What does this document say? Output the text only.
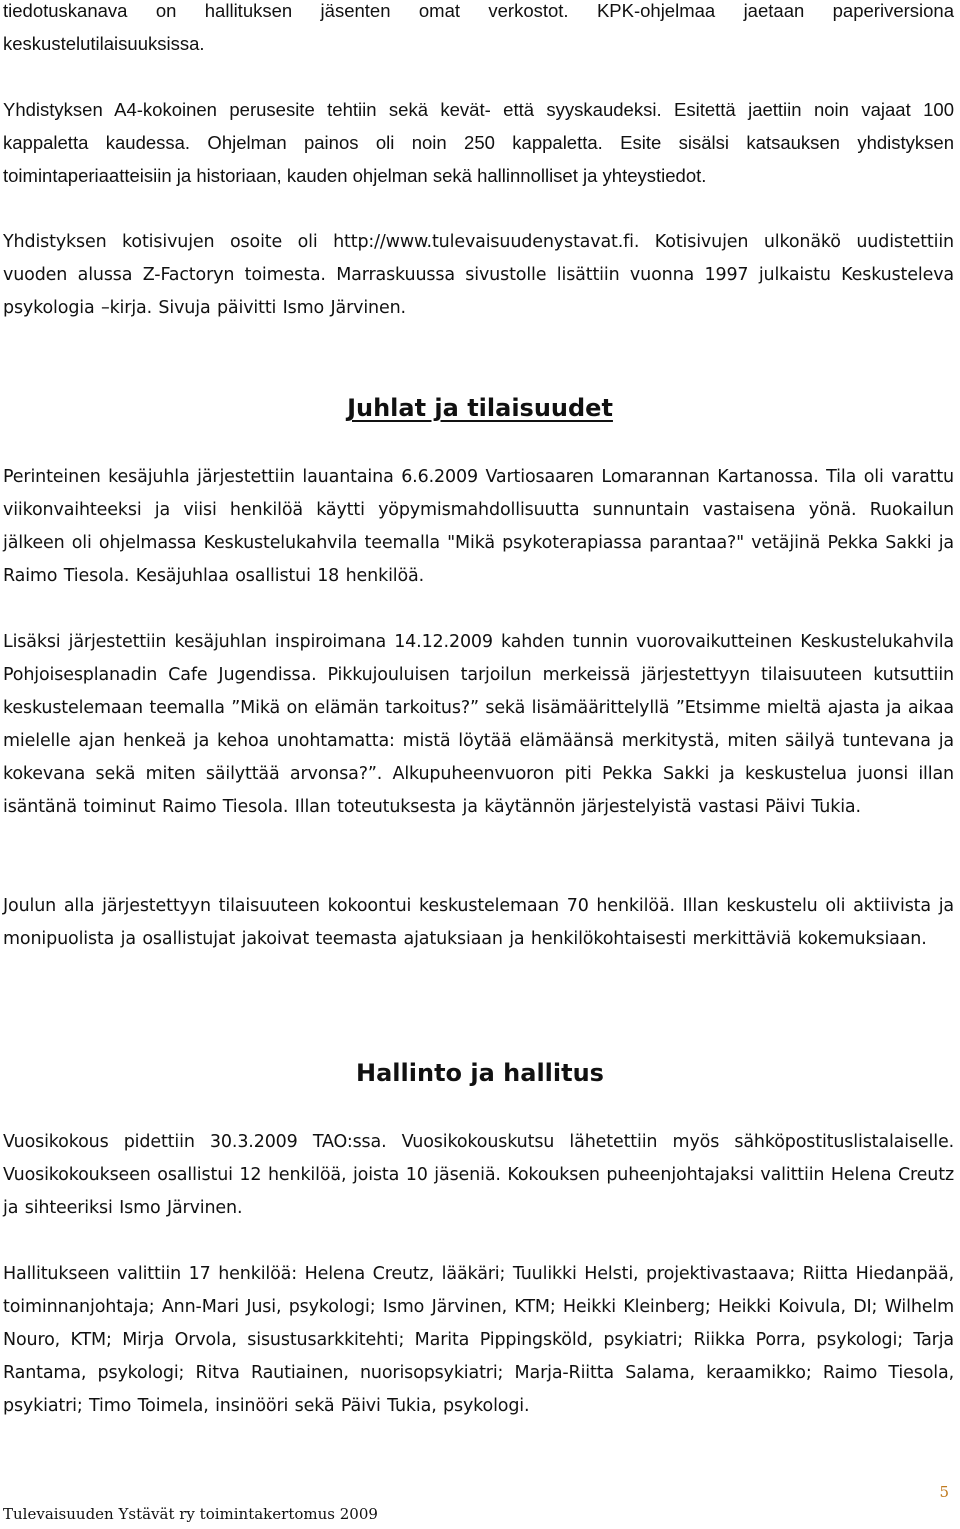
tiedotuskanava on hallituksen jäsenten omat verkostot. KPK-ohjelmaa jaetaan paperiversiona keskustelutilaisuuksissa.

Yhdistyksen A4-kokoinen perusesite tehtiin sekä kevät- että syyskaudeksi. Esitettä jaettiin noin vajaat 100 kappaletta kaudessa. Ohjelman painos oli noin 250 kappaletta. Esite sisälsi katsauksen yhdistyksen toimintaperiaatteisiin ja historiaan, kauden ohjelman sekä hallinnolliset ja yhteystiedot.

Yhdistyksen kotisivujen osoite oli http://www.tulevaisuudenystavat.fi. Kotisivujen ulkonäkö uudistettiin vuoden alussa Z-Factoryn toimesta. Marraskuussa sivustolle lisättiin vuonna 1997 julkaistu Keskusteleva psykologia –kirja. Sivuja päivitti Ismo Järvinen.

Juhlat ja tilaisuudet

Perinteinen kesäjuhla järjestettiin lauantaina 6.6.2009 Vartiosaaren Lomarannan Kartanossa. Tila oli varattu viikonvaihteeksi ja viisi henkilöä käytti yöpymismahdollisuutta sunnuntain vastaisena yönä. Ruokailun jälkeen oli ohjelmassa Keskustelukahvila teemalla "Mikä psykoterapiassa parantaa?" vetäjinä Pekka Sakki ja Raimo Tiesola. Kesäjuhlaa osallistui 18 henkilöä.

Lisäksi järjestettiin kesäjuhlan inspiroimana 14.12.2009 kahden tunnin vuorovaikutteinen Keskustelukahvila Pohjoisesplanadin Cafe Jugendissa. Pikkujouluisen tarjoilun merkeissä järjestettyyn tilaisuuteen kutsuttiin keskustelemaan teemalla ”Mikä on elämän tarkoitus?” sekä lisämäärittelyllä ”Etsimme mieltä ajasta ja aikaa mielelle ajan henkeä ja kehoa unohtamatta: mistä löytää elämäänsä merkitystä, miten säilyä tuntevana ja kokevana sekä miten säilyttää arvonsa?”. Alkupuheenvuoron piti Pekka Sakki ja keskustelua juonsi illan isäntänä toiminut Raimo Tiesola. Illan toteutuksesta ja käytännön järjestelyistä vastasi Päivi Tukia.

Joulun alla järjestettyyn tilaisuuteen kokoontui keskustelemaan 70 henkilöä. Illan keskustelu oli aktiivista ja monipuolista ja osallistujat jakoivat teemasta ajatuksiaan ja henkilökohtaisesti merkittäviä kokemuksiaan.

Hallinto ja hallitus

Vuosikokous pidettiin 30.3.2009 TAO:ssa. Vuosikokouskutsu lähetettiin myös sähköpostituslistalaiselle. Vuosikokoukseen osallistui 12 henkilöä, joista 10 jäseniä. Kokouksen puheenjohtajaksi valittiin Helena Creutz ja sihteeriksi Ismo Järvinen.

Hallitukseen valittiin 17 henkilöä: Helena Creutz, lääkäri; Tuulikki Helsti, projektivastaava; Riitta Hiedanpää, toiminnanjohtaja; Ann-Mari Jusi, psykologi; Ismo Järvinen, KTM; Heikki Kleinberg; Heikki Koivula, DI; Wilhelm Nouro, KTM; Mirja Orvola, sisustusarkkitehti; Marita Pippingsköld, psykiatri; Riikka Porra, psykologi; Tarja Rantama, psykologi; Ritva Rautiainen, nuorisopsykiatri; Marja-Riitta Salama, keraamikko; Raimo Tiesola, psykiatri; Timo Toimela, insinööri sekä Päivi Tukia, psykologi.

Tulevaisuuden Ystävät ry toimintakertomus 2009
5
